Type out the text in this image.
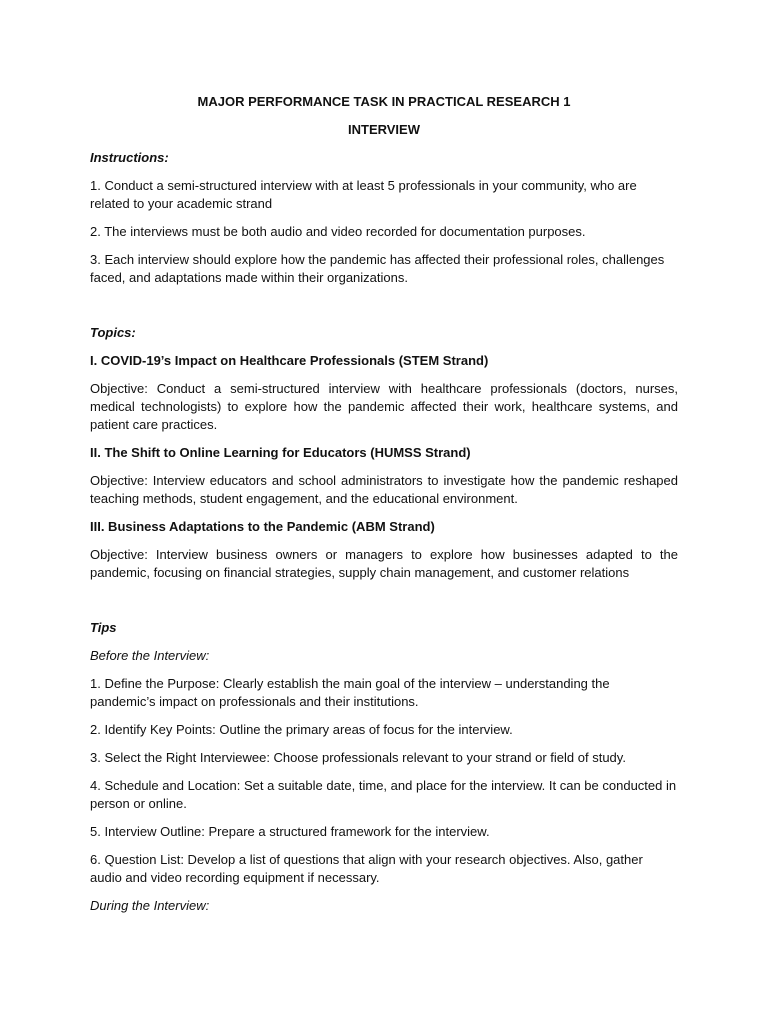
MAJOR PERFORMANCE TASK IN PRACTICAL RESEARCH 1

INTERVIEW

Instructions:

1. Conduct a semi-structured interview with at least 5 professionals in your community, who are related to your academic strand

2. The interviews must be both audio and video recorded for documentation purposes.

3. Each interview should explore how the pandemic has affected their professional roles, challenges faced, and adaptations made within their organizations.

Topics:

I. COVID-19’s Impact on Healthcare Professionals (STEM Strand)

Objective: Conduct a semi-structured interview with healthcare professionals (doctors, nurses, medical technologists) to explore how the pandemic affected their work, healthcare systems, and patient care practices.

II. The Shift to Online Learning for Educators (HUMSS Strand)

Objective: Interview educators and school administrators to investigate how the pandemic reshaped teaching methods, student engagement, and the educational environment.

III. Business Adaptations to the Pandemic (ABM Strand)

Objective: Interview business owners or managers to explore how businesses adapted to the pandemic, focusing on financial strategies, supply chain management, and customer relations

Tips

Before the Interview:

1. Define the Purpose: Clearly establish the main goal of the interview – understanding the pandemic’s impact on professionals and their institutions.

2. Identify Key Points: Outline the primary areas of focus for the interview.

3. Select the Right Interviewee: Choose professionals relevant to your strand or field of study.

4. Schedule and Location: Set a suitable date, time, and place for the interview. It can be conducted in person or online.

5. Interview Outline: Prepare a structured framework for the interview.

6. Question List: Develop a list of questions that align with your research objectives. Also, gather audio and video recording equipment if necessary.

During the Interview:
